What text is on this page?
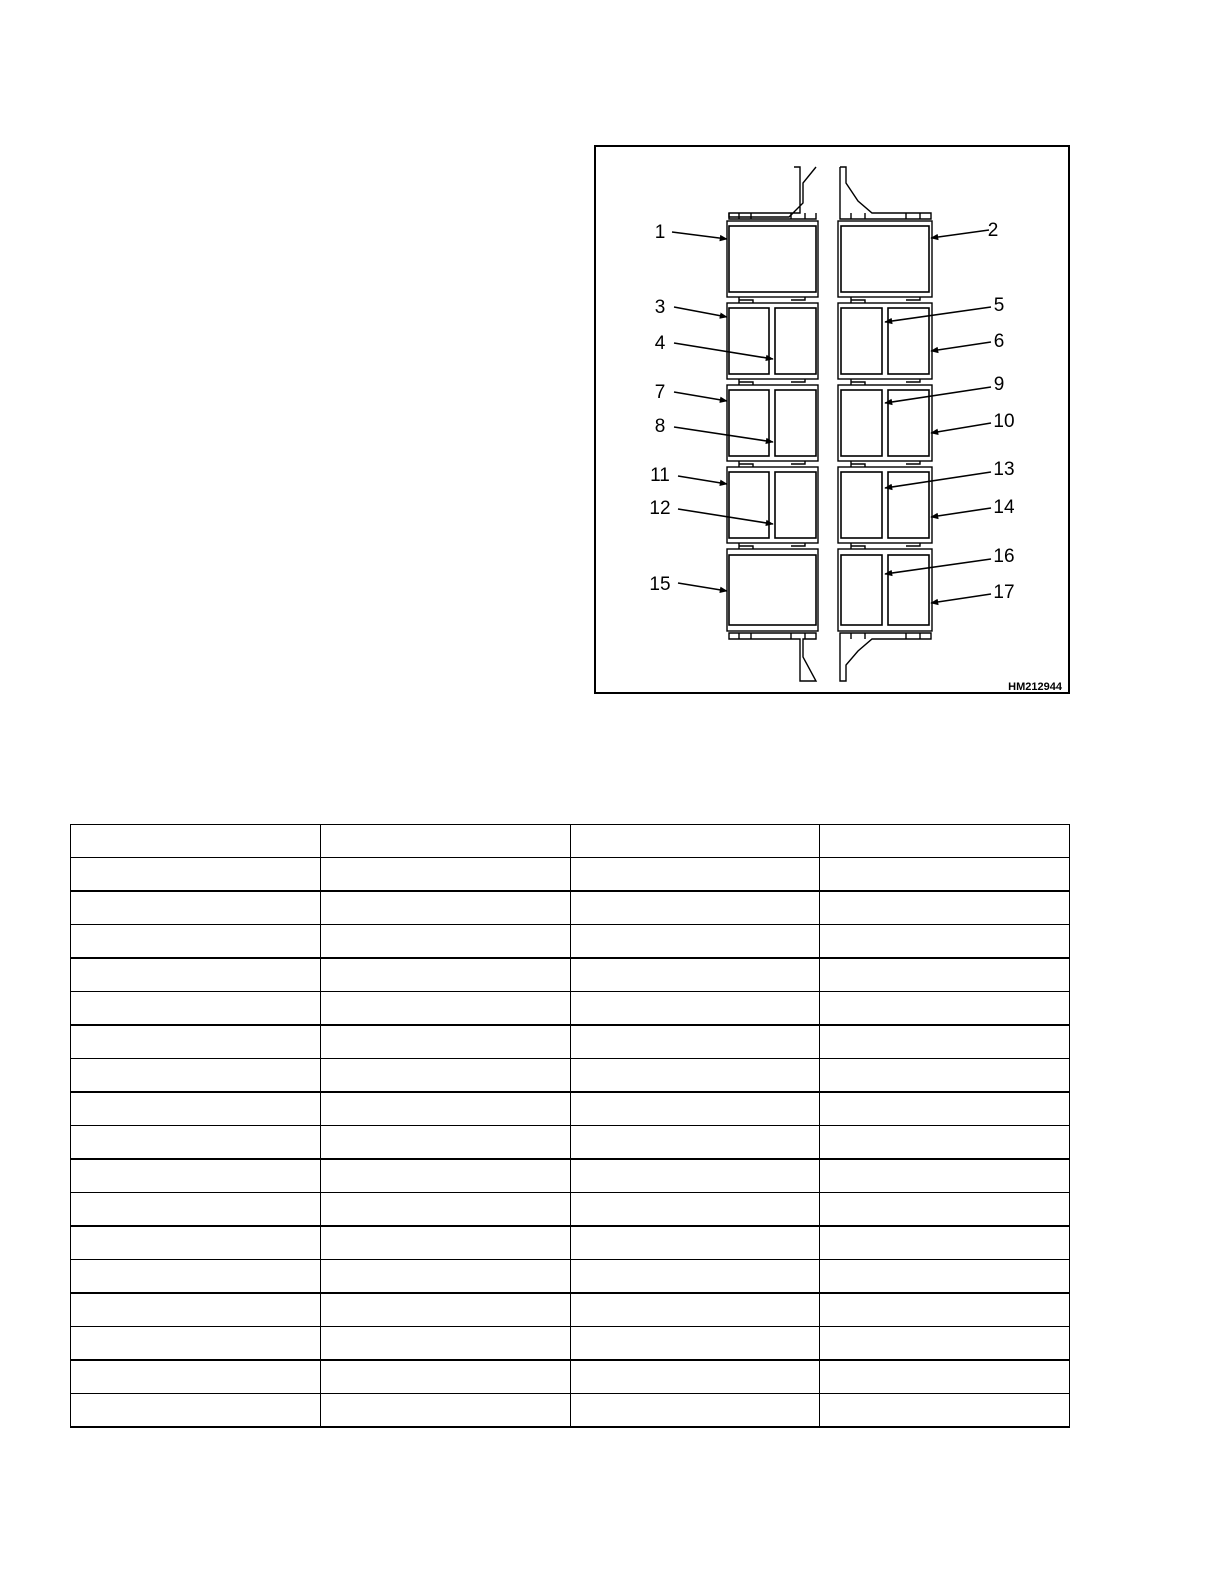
1	2
3
4
5
6
7
8
9
10
11
12
13
14
15
16
17
HM212944
